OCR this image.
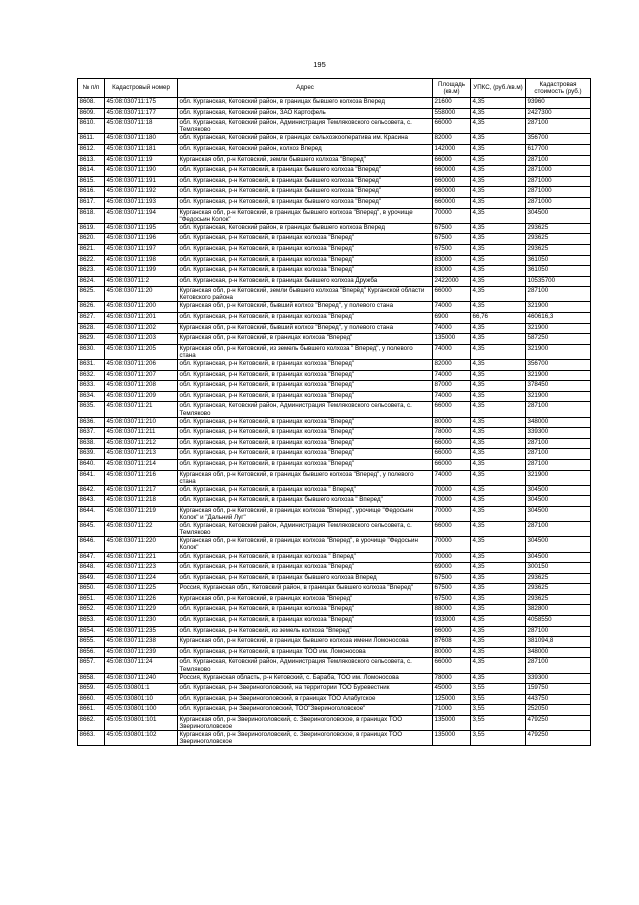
195
№ п/п	Кадастровый номер	Адрес	Площадь (кв.м)	УПКС, (руб./кв.м)	Кадастровая стоимость (руб.)
8608.	45:08:030711:175	обл. Курганская, Кетовский район, в границах бывшего колхоза Вперед	21600	4,35	93960
8609.	45:08:030711:177	обл. Курганская, Кетовский район, ЗАО Картофель	558000	4,35	2427300
8610.	45:08:030711:18	обл. Курганская, Кетовский район, Администрация Темляковского сельсовета, с. Темляково	66000	4,35	287100
8611.	45:08:030711:180	обл. Курганская, Кетовский район, в границах сельхозкооператива им. Красина	82000	4,35	356700
8612.	45:08:030711:181	обл. Курганская, Кетовский район, колхоз Вперед	142000	4,35	617700
8613.	45:08:030711:19	Курганская обл, р-н Кетовский, земли бывшего колхоза "Вперед"	66000	4,35	287100
8614.	45:08:030711:190	обл. Курганская, р-н Кетовский, в границах бывшего колхоза "Вперед"	660000	4,35	2871000
8615.	45:08:030711:191	обл. Курганская, р-н Кетовский, в границах бывшего колхоза "Вперед"	660000	4,35	2871000
8616.	45:08:030711:192	обл. Курганская, р-н Кетовский, в границах бывшего колхоза "Вперед"	660000	4,35	2871000
8617.	45:08:030711:193	обл. Курганская, р-н Кетовский, в границах бывшего колхоза "Вперед"	660000	4,35	2871000
8618.	45:08:030711:194	Курганская обл, р-н Кетовский, в границах бывшего колхоза "Вперед", в урочище "Федосьин Колок"	70000	4,35	304500
8619.	45:08:030711:195	обл. Курганская, Кетовский район, в границах бывшего колхоза Вперед	67500	4,35	293625
8620.	45:08:030711:196	обл. Курганская, р-н Кетовский, в границах колхоза "Вперед"	67500	4,35	293625
8621.	45:08:030711:197	обл. Курганская, р-н Кетовский, в границах колхоза "Вперед"	67500	4,35	293625
8622.	45:08:030711:198	обл. Курганская, р-н Кетовский, в границах колхоза "Вперед"	83000	4,35	361050
8623.	45:08:030711:199	обл. Курганская, р-н Кетовский, в границах колхоза "Вперед"	83000	4,35	361050
8624.	45:08:030711:2	обл. Курганская, р-н Кетовский, в границах бывшего колхоза Дружба	2422000	4,35	10535700
8625.	45:08:030711:20	Курганская обл, р-н Кетовский, земли бывшего колхоза "Вперёд" Курганской области Кетовского района	66000	4,35	287100
8626.	45:08:030711:200	Курганская обл, р-н Кетовский, бывший колхоз "Вперед", у полевого стана	74000	4,35	321900
8627.	45:08:030711:201	обл. Курганская, р-н Кетовский, в границах колхоза "Вперед"	6900	66,76	460616,3
8628.	45:08:030711:202	Курганская обл, р-н Кетовский, бывший колхоз "Вперед", у полевого стана	74000	4,35	321900
8629.	45:08:030711:203	Курганская обл, р-н Кетовский, в границах колхоза "Вперед"	135000	4,35	587250
8630.	45:08:030711:205	Курганская обл, р-н Кетовский, из земель бывшего колхоза " Вперед", у полевого стана	74000	4,35	321900
8631.	45:08:030711:206	обл. Курганская, р-н Кетовский, в границах колхоза "Вперед"	82000	4,35	356700
8632.	45:08:030711:207	обл. Курганская, р-н Кетовский, в границах колхоза "Вперед"	74000	4,35	321900
8633.	45:08:030711:208	обл. Курганская, р-н Кетовский, в границах колхоза "Вперед"	87000	4,35	378450
8634.	45:08:030711:209	обл. Курганская, р-н Кетовский, в границах колхоза "Вперед"	74000	4,35	321900
8635.	45:08:030711:21	обл. Курганская, Кетовский район, Администрация Темляковского сельсовета, с. Темляково	66000	4,35	287100
8636.	45:08:030711:210	обл. Курганская, р-н Кетовский, в границах колхоза "Вперед"	80000	4,35	348000
8637.	45:08:030711:211	обл. Курганская, р-н Кетовский, в границах колхоза "Вперед"	78000	4,35	339300
8638.	45:08:030711:212	обл. Курганская, р-н Кетовский, в границах колхоза "Вперед"	66000	4,35	287100
8639.	45:08:030711:213	обл. Курганская, р-н Кетовский, в границах колхоза "Вперед"	66000	4,35	287100
8640.	45:08:030711:214	обл. Курганская, р-н Кетовский, в границах колхоза "Вперед"	66000	4,35	287100
8641.	45:08:030711:216	Курганская обл, р-н Кетовский, в границах бывшего колхоза "Вперед", у полевого стана	74000	4,35	321900
8642.	45:08:030711:217	обл. Курганская, р-н Кетовский, в границах колхоза " Вперед"	70000	4,35	304500
8643.	45:08:030711:218	обл. Курганская, р-н Кетовский, в границах бывшего колхоза " Вперед"	70000	4,35	304500
8644.	45:08:030711:219	Курганская обл, р-н Кетовский, в границах колхоза "Вперед", урочище "Федосьин Колок" и "Дальний Луг"	70000	4,35	304500
8645.	45:08:030711:22	обл. Курганская, Кетовский район, Администрация Темляковского сельсовета, с. Темляково	66000	4,35	287100
8646.	45:08:030711:220	Курганская обл, р-н Кетовский, в границах колхоза "Вперед", в урочище "Федосьин Колок"	70000	4,35	304500
8647.	45:08:030711:221	обл. Курганская, р-н Кетовский, в границах колхоза " Вперед"	70000	4,35	304500
8648.	45:08:030711:223	обл. Курганская, р-н Кетовский, в границах колхоза "Вперед"	69000	4,35	300150
8649.	45:08:030711:224	обл. Курганская, р-н Кетовский, в границах бывшего колхоза Вперед	67500	4,35	293625
8650.	45:08:030711:225	Россия, Курганская обл., Кетовский район, в границах бывшего колхоза "Вперед"	67500	4,35	293625
8651.	45:08:030711:226	Курганская обл, р-н Кетовский, в границах колхоза "Вперед"	67500	4,35	293625
8652.	45:08:030711:229	обл. Курганская, р-н Кетовский, в границах колхоза "Вперед"	88000	4,35	382800
8653.	45:08:030711:230	обл. Курганская, р-н Кетовский, в границах колхоза "Вперед"	933000	4,35	4058550
8654.	45:08:030711:235	обл. Курганская, р-н Кетовский, из земель колхоза "Вперед"	66000	4,35	287100
8655.	45:08:030711:238	Курганская обл, р-н Кетовский, в границах бывшего колхоза имени Ломоносова	87608	4,35	381094,8
8656.	45:08:030711:239	обл. Курганская, р-н Кетовский, в границах ТОО им. Ломоносова	80000	4,35	348000
8657.	45:08:030711:24	обл. Курганская, Кетовский район, Администрация Темляковского сельсовета, с. Темляково	66000	4,35	287100
8658.	45:08:030711:240	Россия, Курганская область, р-н Кетовский, с. Барабa, ТОО им. Ломоносова	78000	4,35	339300
8659.	45:05:030801:1	обл. Курганская, р-н Звериноголовский, на территории ТОО Буревестник	45000	3,55	159750
8660.	45:05:030801:10	обл. Курганская, р-н Звериноголовский, в границах ТОО Алабугское	125000	3,55	443750
8661.	45:05:030801:100	обл. Курганская, р-н Звериноголовский, ТОО"Звериноголовское"	71000	3,55	252050
8662.	45:05:030801:101	Курганская обл, р-н Звериноголовский, с. Звериноголовское, в границах ТОО Звериноголовское	135000	3,55	479250
8663.	45:05:030801:102	Курганская обл, р-н Звериноголовский, с. Звериноголовское, в границах ТОО Звериноголовское	135000	3,55	479250
